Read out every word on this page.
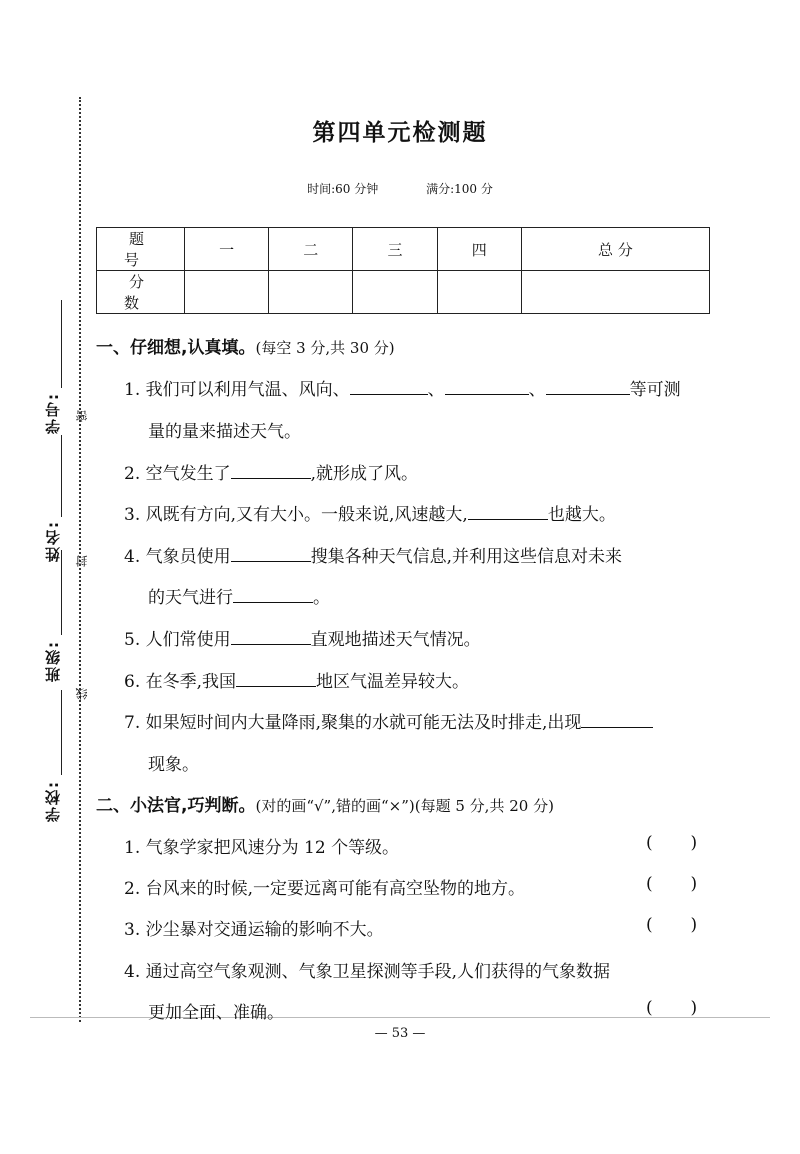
学校:
班级:
姓名:
学号: 密
封
线
第四单元检测题
时间:60 分钟	满分:100 分
题 号	一	二	三	四	总 分
分 数					
一、仔细想,认真填。(每空 3 分,共 30 分)
1. 我们可以利用气温、风向、	、	、	等可测
量的量来描述天气。
2. 空气发生了	,就形成了风。
3. 风既有方向,又有大小。一般来说,风速越大,	也越大。
4. 气象员使用	搜集各种天气信息,并利用这些信息对未来
的天气进行	。
5. 人们常使用	直观地描述天气情况。
6. 在冬季,我国	地区气温差异较大。
7. 如果短时间内大量降雨,聚集的水就可能无法及时排走,出现
现象。
二、小法官,巧判断。(对的画“√”,错的画“×”)(每题 5 分,共 20 分)
1. 气象学家把风速分为 12 个等级。	(       )
2. 台风来的时候,一定要远离可能有高空坠物的地方。	(       )
3. 沙尘暴对交通运输的影响不大。	(       )
4. 通过高空气象观测、气象卫星探测等手段,人们获得的气象数据
更加全面、准确。	(       )
— 53 —
